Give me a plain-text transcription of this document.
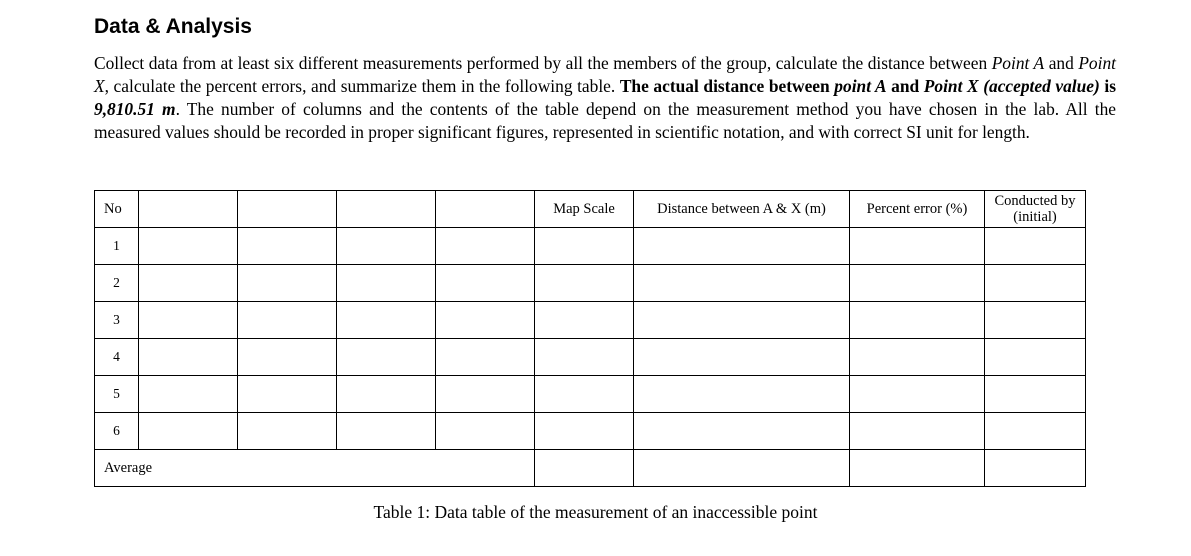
Data & Analysis

Collect data from at least six different measurements performed by all the members of the group, calculate the distance between Point A and Point X, calculate the percent errors, and summarize them in the following table. The actual distance between point A and Point X (accepted value) is 9,810.51 m. The number of columns and the contents of the table depend on the measurement method you have chosen in the lab. All the measured values should be recorded in proper significant figures, represented in scientific notation, and with correct SI unit for length.

No					Map Scale	Distance between A & X (m)	Percent error (%)	Conducted by (initial)
1								
2								
3								
4								
5								
6								
Average								

Table 1: Data table of the measurement of an inaccessible point
